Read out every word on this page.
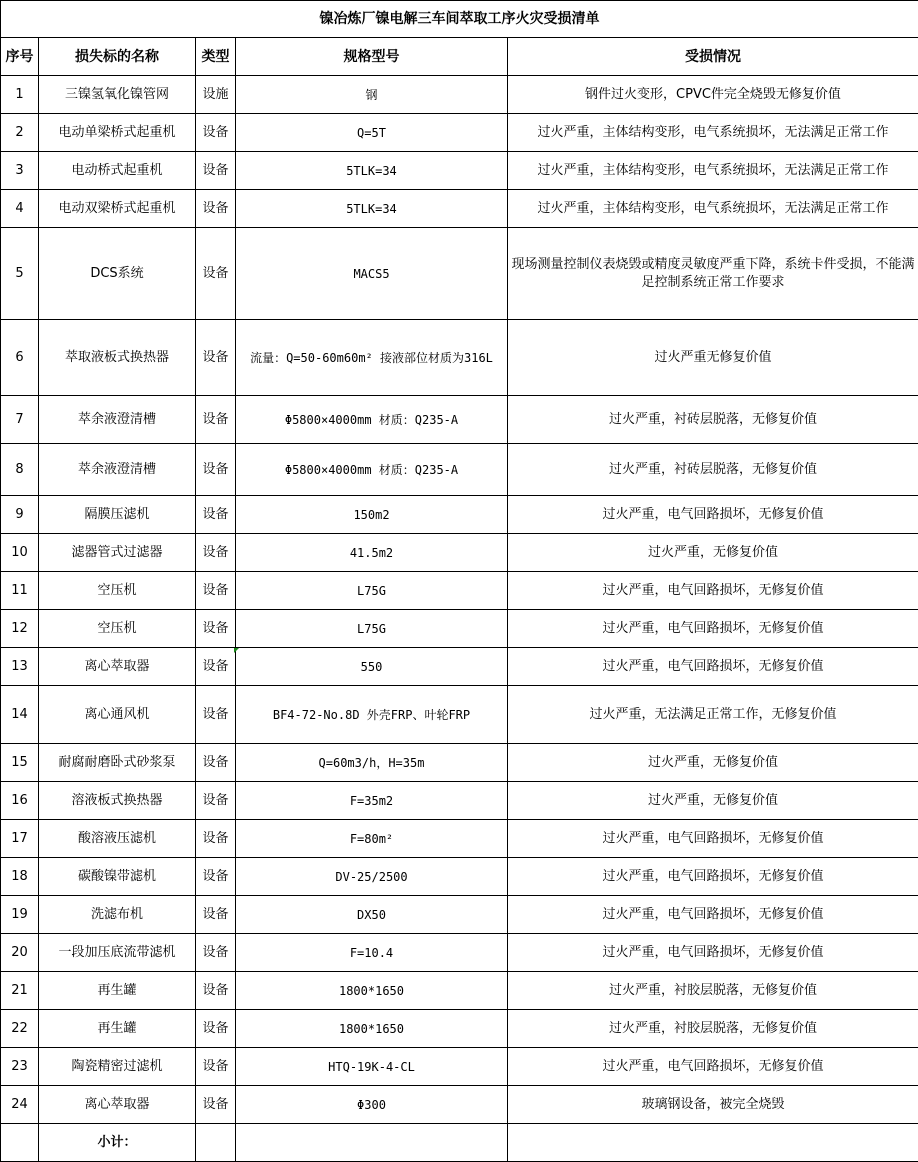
镍冶炼厂镍电解三车间萃取工序火灾受损清单				
序号	损失标的名称	类型	规格型号	受损情况
1	三镍氢氧化镍管网	设施	钢	钢件过火变形，CPVC件完全烧毁无修复价值
2	电动单梁桥式起重机	设备	Q=5T	过火严重，主体结构变形，电气系统损坏，无法满足正常工作
3	电动桥式起重机	设备	5TLK=34	过火严重，主体结构变形，电气系统损坏，无法满足正常工作
4	电动双梁桥式起重机	设备	5TLK=34	过火严重，主体结构变形，电气系统损坏，无法满足正常工作
5	DCS系统	设备	MACS5	现场测量控制仪表烧毁或精度灵敏度严重下降，系统卡件受损，不能满足控制系统正常工作要求
6	萃取液板式换热器	设备	流量：Q=50-60m60m² 接液部位材质为316L	过火严重无修复价值
7	萃余液澄清槽	设备	Φ5800×4000mm 材质：Q235-A	过火严重，衬砖层脱落，无修复价值
8	萃余液澄清槽	设备	Φ5800×4000mm 材质：Q235-A	过火严重，衬砖层脱落，无修复价值
9	隔膜压滤机	设备	150m2	过火严重，电气回路损坏，无修复价值
10	滤器管式过滤器	设备	41.5m2	过火严重，无修复价值
11	空压机	设备	L75G	过火严重，电气回路损坏，无修复价值
12	空压机	设备	L75G	过火严重，电气回路损坏，无修复价值
13	离心萃取器	设备	550	过火严重，电气回路损坏，无修复价值
14	离心通风机	设备	BF4-72-No.8D 外壳FRP、叶轮FRP	过火严重，无法满足正常工作，无修复价值
15	耐腐耐磨卧式砂浆泵	设备	Q=60m3/h，H=35m	过火严重，无修复价值
16	溶液板式换热器	设备	F=35m2	过火严重，无修复价值
17	酸溶液压滤机	设备	F=80m²	过火严重，电气回路损坏，无修复价值
18	碳酸镍带滤机	设备	DV-25/2500	过火严重，电气回路损坏，无修复价值
19	洗滤布机	设备	DX50	过火严重，电气回路损坏，无修复价值
20	一段加压底流带滤机	设备	F=10.4	过火严重，电气回路损坏，无修复价值
21	再生罐	设备	1800*1650	过火严重，衬胶层脱落，无修复价值
22	再生罐	设备	1800*1650	过火严重，衬胶层脱落，无修复价值
23	陶瓷精密过滤机	设备	HTQ-19K-4-CL	过火严重，电气回路损坏，无修复价值
24	离心萃取器	设备	Φ300	玻璃钢设备，被完全烧毁
	小计：			
